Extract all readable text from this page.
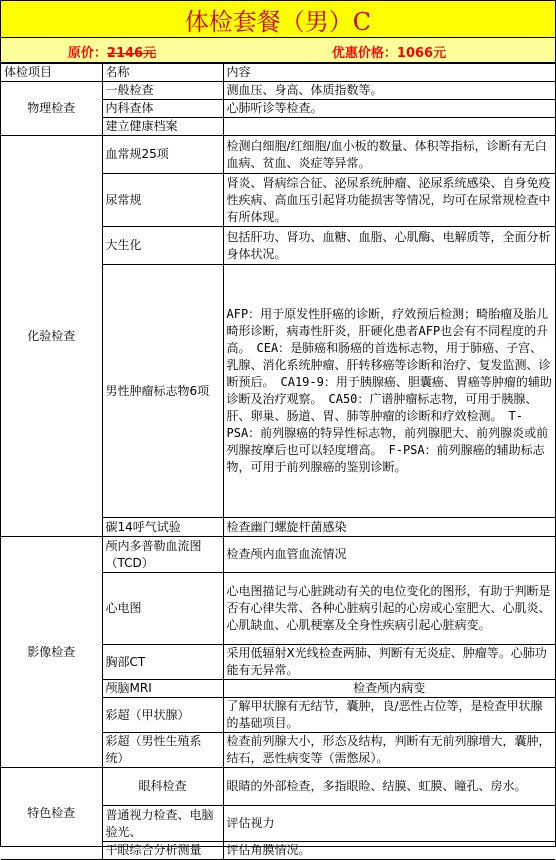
体检套餐（男）C
原价：2146元	优惠价格：1066元
体检项目	名称	内容
物理检查	一般检查	测血压、身高、体质指数等。
	内科查体	心肺听诊等检查。
	建立健康档案	
化验检查	血常规25项	检测白细胞/红细胞/血小板的数量、体积等指标，诊断有无白血病、贫血、炎症等异常。
	尿常规	肾炎、肾病综合征、泌尿系统肿瘤、泌尿系统感染、自身免疫性疾病、高血压引起肾功能损害等情况，均可在尿常规检查中有所体现。
	大生化	包括肝功、肾功、血糖、血脂、心肌酶、电解质等，全面分析身体状况。
	男性肿瘤标志物6项	AFP：用于原发性肝癌的诊断，疗效预后检测；畸胎瘤及胎儿畸形诊断，病毒性肝炎，肝硬化患者AFP也会有不同程度的升高。　CEA：是肺癌和肠癌的首选标志物，用于肺癌、子宫、乳腺、消化系统肿瘤、肝转移癌等诊断和治疗、复发监测、诊断预后。　CA19-9：用于胰腺癌、胆囊癌、胃癌等肿瘤的辅助诊断及治疗观察。　CA50：广谱肿瘤标志物，可用于胰腺、肝、卵巢、肠道、胃、肺等肿瘤的诊断和疗效检测。　T-PSA：前列腺癌的特异性标志物，前列腺肥大、前列腺炎或前列腺按摩后也可以轻度增高。　F-PSA：前列腺癌的辅助标志物，可用于前列腺癌的鉴别诊断。
	碳14呼气试验	检查幽门螺旋杆菌感染
影像检查	颅内多普勒血流图（TCD）	检查颅内血管血流情况
	心电图	心电图描记与心脏跳动有关的电位变化的图形，有助于判断是否有心律失常、各种心脏病引起的心房或心室肥大、心肌炎、心肌缺血、心肌梗塞及全身性疾病引起心脏病变。
	胸部CT	采用低辐射X光线检查两肺、判断有无炎症、肿瘤等。心肺功能有无异常。
	颅脑MRI	检查颅内病变
	彩超（甲状腺）	了解甲状腺有无结节，囊肿，良/恶性占位等，是检查甲状腺的基础项目。
	彩超（男性生殖系统）	检查前列腺大小，形态及结构，判断有无前列腺增大，囊肿，结石，恶性病变等（需憋尿）。
特色检查	眼科检查	眼睛的外部检查，多指眼睑、结膜、虹膜、瞳孔、房水。
	普通视力检查、电脑验光、	评估视力
	干眼综合分析测量	评估角膜情况。
